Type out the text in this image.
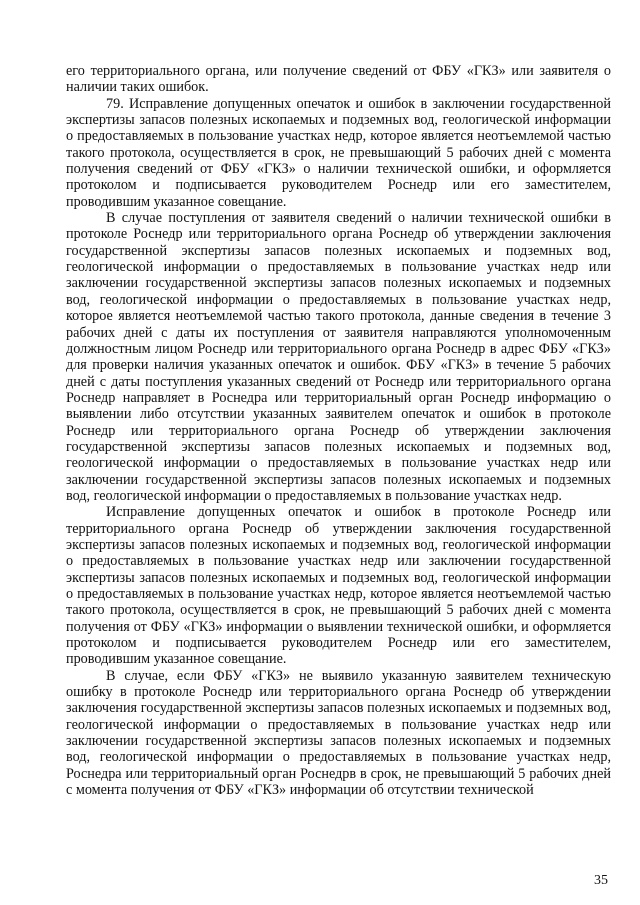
его территориального органа, или получение сведений от ФБУ «ГКЗ» или заявителя о наличии таких ошибок.

79. Исправление допущенных опечаток и ошибок в заключении государственной экспертизы запасов полезных ископаемых и подземных вод, геологической информации о предоставляемых в пользование участках недр, которое является неотъемлемой частью такого протокола, осуществляется в срок, не превышающий 5 рабочих дней с момента получения сведений от ФБУ «ГКЗ» о наличии технической ошибки, и оформляется протоколом и подписывается руководителем Роснедр или его заместителем, проводившим указанное совещание.

В случае поступления от заявителя сведений о наличии технической ошибки в протоколе Роснедр или территориального органа Роснедр об утверждении заключения государственной экспертизы запасов полезных ископаемых и подземных вод, геологической информации о предоставляемых в пользование участках недр или заключении государственной экспертизы запасов полезных ископаемых и подземных вод, геологической информации о предоставляемых в пользование участках недр, которое является неотъемлемой частью такого протокола, данные сведения в течение 3 рабочих дней с даты их поступления от заявителя направляются уполномоченным должностным лицом Роснедр или территориального органа Роснедр в адрес ФБУ «ГКЗ» для проверки наличия указанных опечаток и ошибок. ФБУ «ГКЗ» в течение 5 рабочих дней с даты поступления указанных сведений от Роснедр или территориального органа Роснедр направляет в Роснедра или территориальный орган Роснедр информацию о выявлении либо отсутствии указанных заявителем опечаток и ошибок в протоколе Роснедр или территориального органа Роснедр об утверждении заключения государственной экспертизы запасов полезных ископаемых и подземных вод, геологической информации о предоставляемых в пользование участках недр или заключении государственной экспертизы запасов полезных ископаемых и подземных вод, геологической информации о предоставляемых в пользование участках недр.

Исправление допущенных опечаток и ошибок в протоколе Роснедр или территориального органа Роснедр об утверждении заключения государственной экспертизы запасов полезных ископаемых и подземных вод, геологической информации о предоставляемых в пользование участках недр или заключении государственной экспертизы запасов полезных ископаемых и подземных вод, геологической информации о предоставляемых в пользование участках недр, которое является неотъемлемой частью такого протокола, осуществляется в срок, не превышающий 5 рабочих дней с момента получения от ФБУ «ГКЗ» информации о выявлении технической ошибки, и оформляется протоколом и подписывается руководителем Роснедр или его заместителем, проводившим указанное совещание.

В случае, если ФБУ «ГКЗ» не выявило указанную заявителем техническую ошибку в протоколе Роснедр или территориального органа Роснедр об утверждении заключения государственной экспертизы запасов полезных ископаемых и подземных вод, геологической информации о предоставляемых в пользование участках недр или заключении государственной экспертизы запасов полезных ископаемых и подземных вод, геологической информации о предоставляемых в пользование участках недр, Роснедра или территориальный орган Роснедрв в срок, не превышающий 5 рабочих дней с момента получения от ФБУ «ГКЗ» информации об отсутствии технической

35
